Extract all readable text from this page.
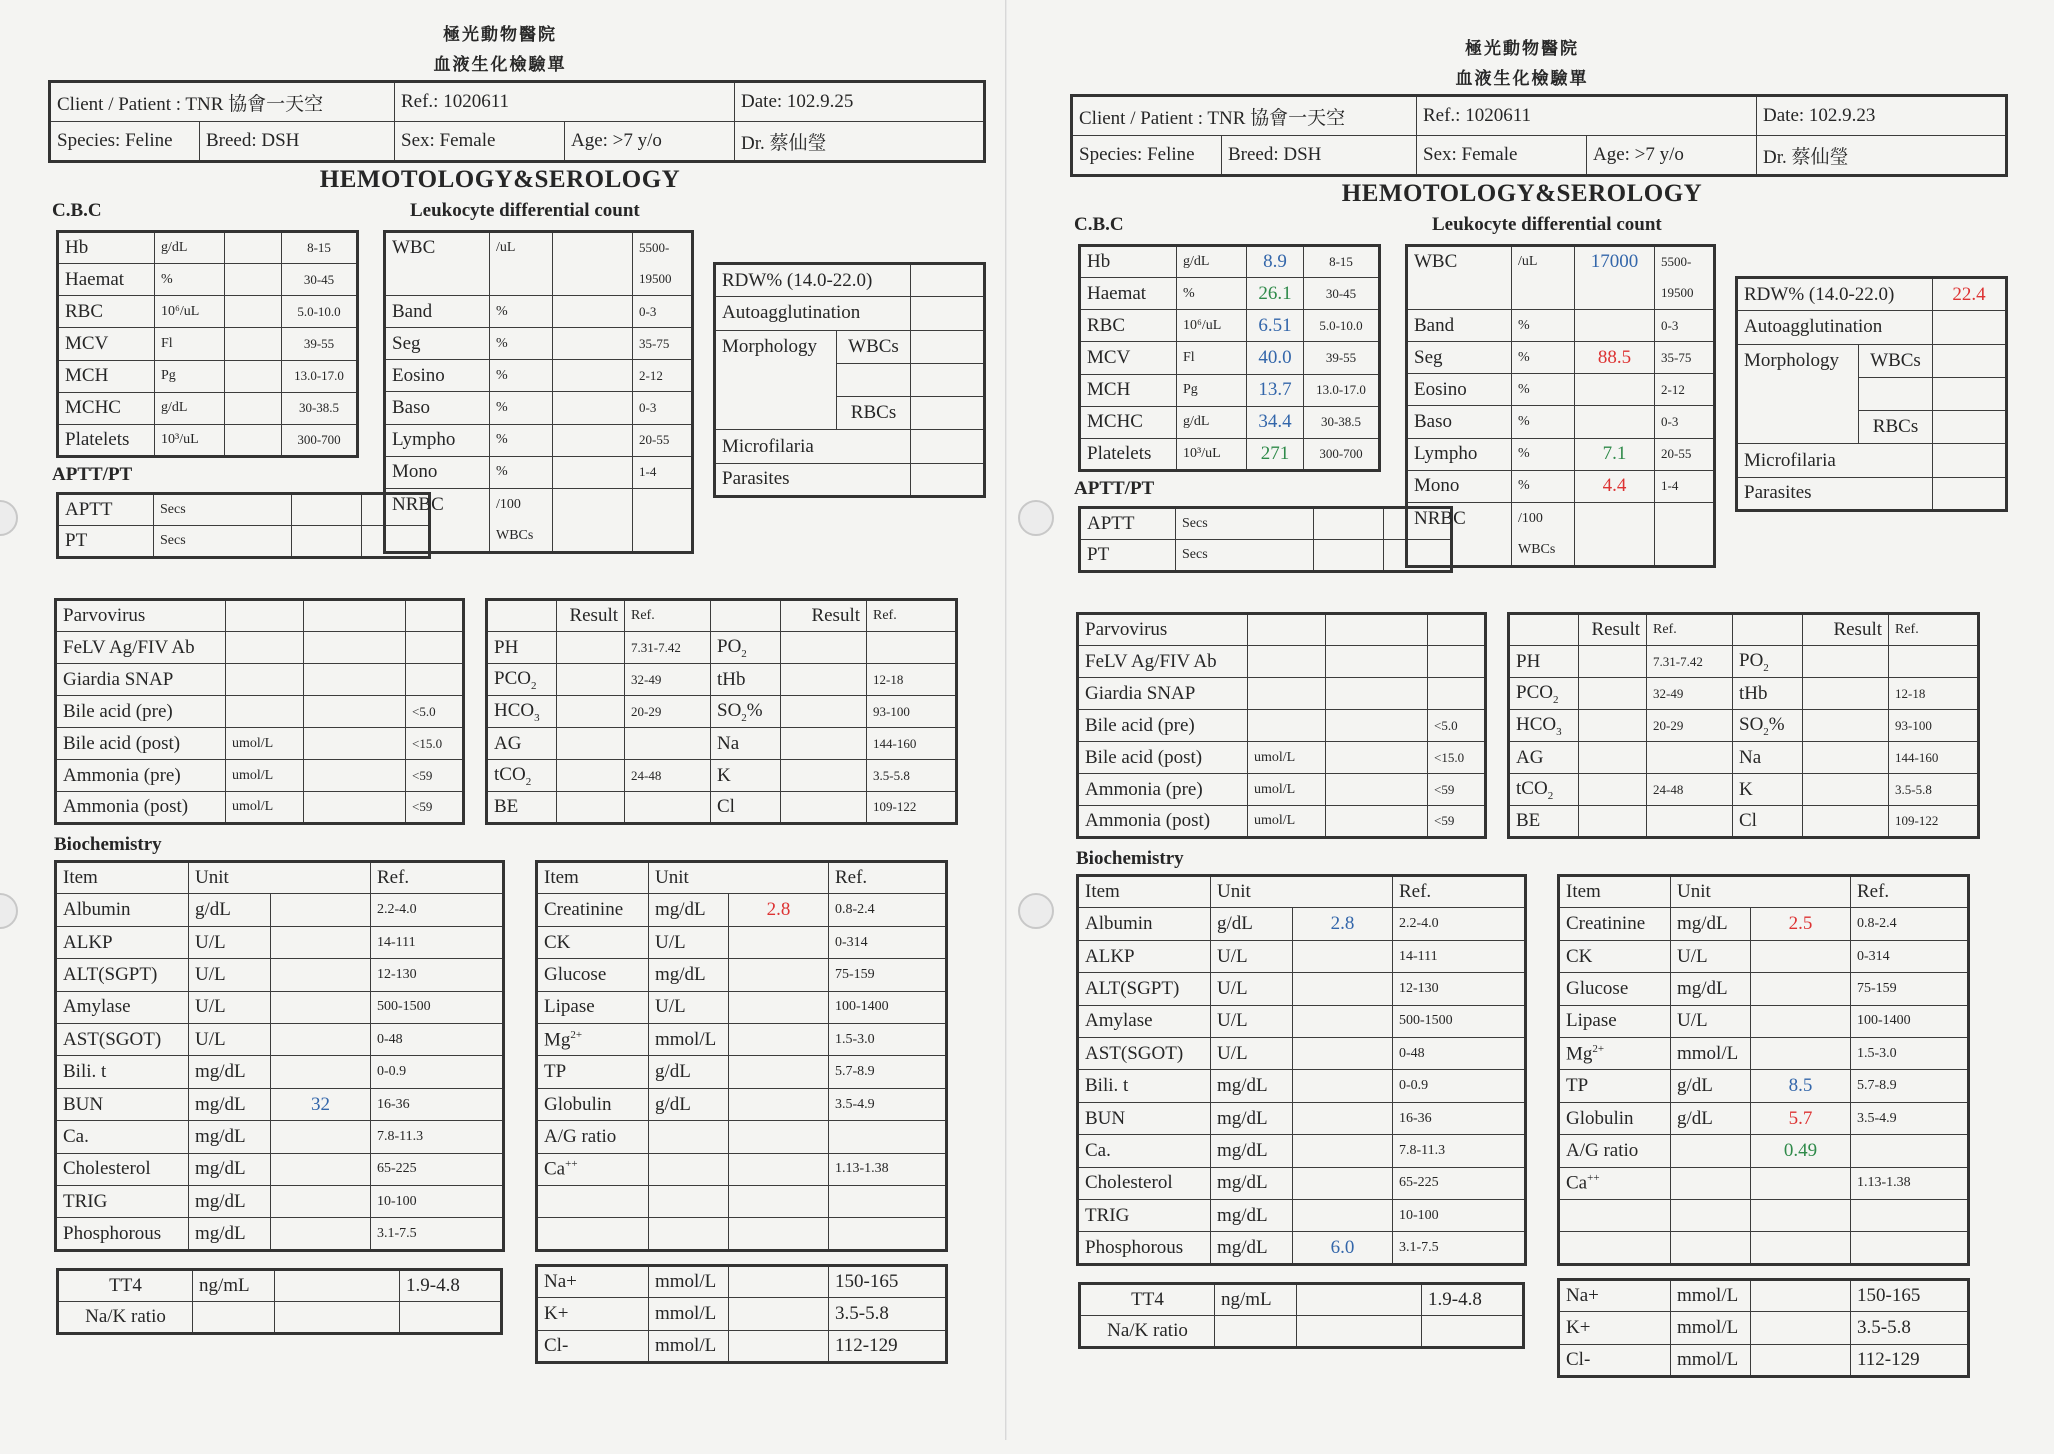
極光動物醫院
血液生化檢驗單
Client / Patient : TNR 協會一天空		Ref.: 1020611		Date: 102.9.25
Species: Feline	Breed: DSH	Sex: Female	Age: >7 y/o	Dr. 蔡仙瑩
HEMOTOLOGY&SEROLOGY
C.B.C	Leukocyte differential count
Hb	g/dL		8-15
Haemat	%		30-45
RBC	10⁶/uL		5.0-10.0
MCV	Fl		39-55
MCH	Pg		13.0-17.0
MCHC	g/dL		30-38.5
Platelets	10³/uL		300-700
APTT/PT
APTT	Secs		
PT	Secs		
WBC	/uL		5500-
			19500
Band	%		0-3
Seg	%		35-75
Eosino	%		2-12
Baso	%		0-3
Lympho	%		20-55
Mono	%		1-4
NRBC	/100		
	WBCs		
RDW% (14.0-22.0)		
Autoagglutination		
Morphology	WBCs	

	RBCs	
Microfilaria		
Parasites		
Parvovirus			
FeLV Ag/FIV Ab			
Giardia SNAP			
Bile acid (pre)			<5.0
Bile acid (post)	umol/L		<15.0
Ammonia (pre)	umol/L		<59
Ammonia (post)	umol/L		<59
	Result	Ref.		Result	Ref.
PH		7.31-7.42	$PO_2$		
$PCO_2$		32-49	tHb		12-18
$HCO_3$		20-29	$SO_2\%$		93-100
AG			Na		144-160
tCO$_2$		24-48	K		3.5-5.8
BE			Cl		109-122
Biochemistry
Item	Unit		Ref.
Albumin	g/dL		2.2-4.0
ALKP	U/L		14-111
ALT(SGPT)	U/L		12-130
Amylase	U/L		500-1500
AST(SGOT)	U/L		0-48
Bili. t	mg/dL		0-0.9
BUN	mg/dL	32	16-36
Ca.	mg/dL		7.8-11.3
Cholesterol	mg/dL		65-225
TRIG	mg/dL		10-100
Phosphorous	mg/dL		3.1-7.5
Item	Unit		Ref.
Creatinine	mg/dL	2.8	0.8-2.4
CK	U/L		0-314
Glucose	mg/dL		75-159
Lipase	U/L		100-1400
$Mg^{2+}$	mmol/L		1.5-3.0
TP	g/dL		5.7-8.9
Globulin	g/dL		3.5-4.9
A/G ratio			
Ca++			1.13-1.38

TT4	ng/mL		1.9-4.8
Na/K ratio			
Na+	mmol/L		150-165
K+	mmol/L		3.5-5.8
Cl-	mmol/L		112-129
極光動物醫院
血液生化檢驗單
Client / Patient : TNR 協會一天空		Ref.: 1020611		Date: 102.9.23
Species: Feline	Breed: DSH	Sex: Female	Age: >7 y/o	Dr. 蔡仙瑩
HEMOTOLOGY&SEROLOGY
C.B.C	Leukocyte differential count
Hb	g/dL	8.9	8-15
Haemat	%	26.1	30-45
RBC	10⁶/uL	6.51	5.0-10.0
MCV	Fl	40.0	39-55
MCH	Pg	13.7	13.0-17.0
MCHC	g/dL	34.4	30-38.5
Platelets	10³/uL	271	300-700
APTT/PT
APTT	Secs		
PT	Secs		
WBC	/uL	17000	5500-
			19500
Band	%		0-3
Seg	%	88.5	35-75
Eosino	%		2-12
Baso	%		0-3
Lympho	%	7.1	20-55
Mono	%	4.4	1-4
NRBC	/100		
	WBCs		
RDW% (14.0-22.0)		22.4
Autoagglutination		
Morphology	WBCs	

	RBCs	
Microfilaria		
Parasites		
Parvovirus			
FeLV Ag/FIV Ab			
Giardia SNAP			
Bile acid (pre)			<5.0
Bile acid (post)	umol/L		<15.0
Ammonia (pre)	umol/L		<59
Ammonia (post)	umol/L		<59
	Result	Ref.		Result	Ref.
PH		7.31-7.42	$PO_2$		
$PCO_2$		32-49	tHb		12-18
$HCO_3$		20-29	$SO_2\%$		93-100
AG			Na		144-160
tCO$_2$		24-48	K		3.5-5.8
BE			Cl		109-122
Biochemistry
Item	Unit		Ref.
Albumin	g/dL	2.8	2.2-4.0
ALKP	U/L		14-111
ALT(SGPT)	U/L		12-130
Amylase	U/L		500-1500
AST(SGOT)	U/L		0-48
Bili. t	mg/dL		0-0.9
BUN	mg/dL		16-36
Ca.	mg/dL		7.8-11.3
Cholesterol	mg/dL		65-225
TRIG	mg/dL		10-100
Phosphorous	mg/dL	6.0	3.1-7.5
Item	Unit		Ref.
Creatinine	mg/dL	2.5	0.8-2.4
CK	U/L		0-314
Glucose	mg/dL		75-159
Lipase	U/L		100-1400
$Mg^{2+}$	mmol/L		1.5-3.0
TP	g/dL	8.5	5.7-8.9
Globulin	g/dL	5.7	3.5-4.9
A/G ratio		0.49	
Ca++			1.13-1.38

TT4	ng/mL		1.9-4.8
Na/K ratio			
Na+	mmol/L		150-165
K+	mmol/L		3.5-5.8
Cl-	mmol/L		112-129
